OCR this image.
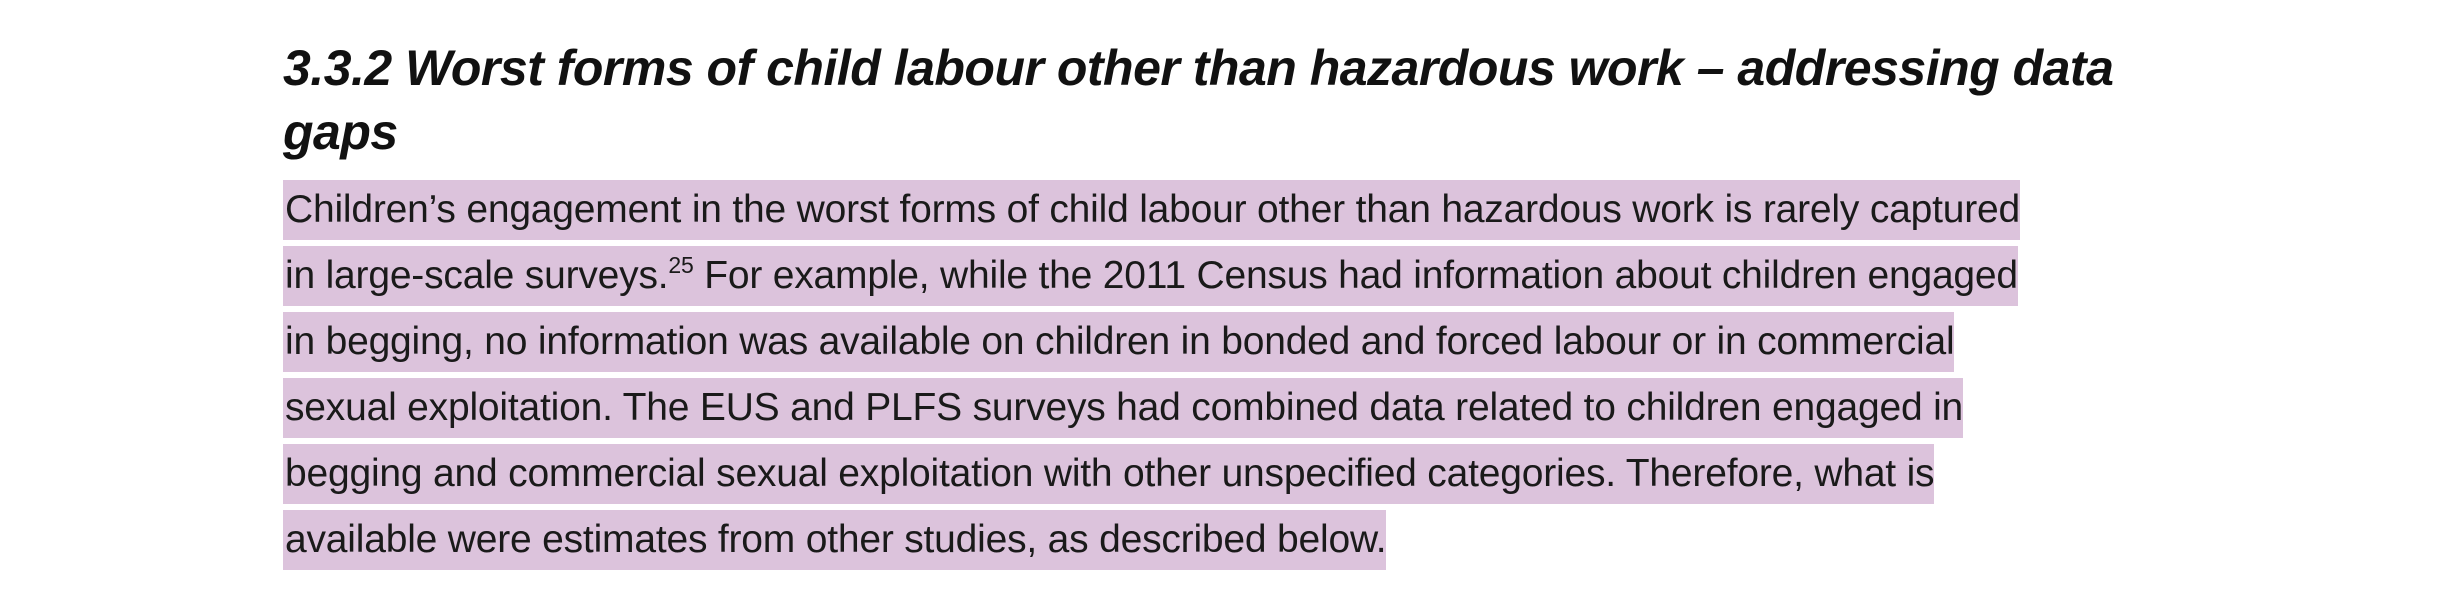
3.3.2 Worst forms of child labour other than hazardous work – addressing data gaps
Children’s engagement in the worst forms of child labour other than hazardous work is rarely captured
in large-scale surveys.$^{25}$ For example, while the 2011 Census had information about children engaged
in begging, no information was available on children in bonded and forced labour or in commercial
sexual exploitation. The EUS and PLFS surveys had combined data related to children engaged in
begging and commercial sexual exploitation with other unspecified categories. Therefore, what is
available were estimates from other studies, as described below.
